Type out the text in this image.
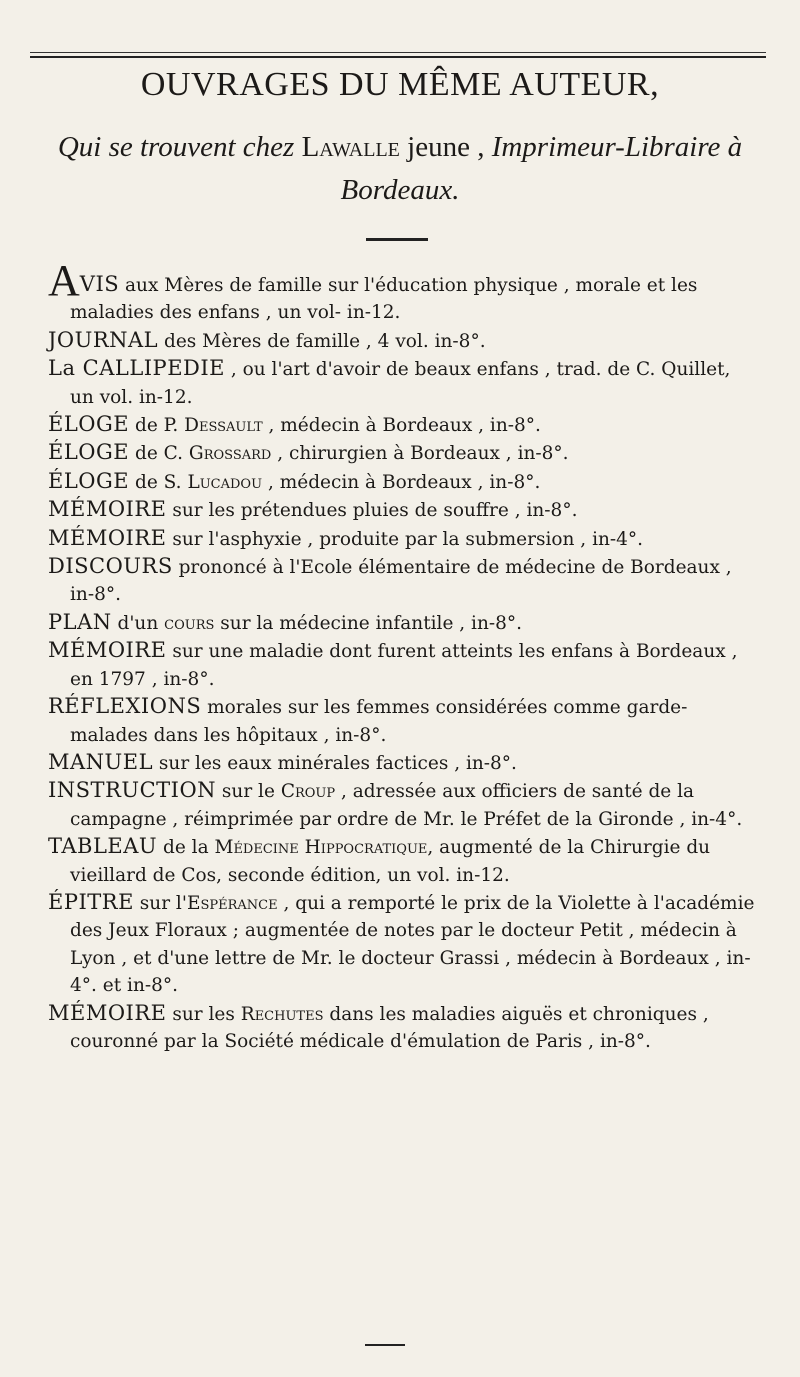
OUVRAGES DU MÊME AUTEUR,
Qui se trouvent chez Lawalle jeune , Imprimeur-Libraire à Bordeaux.

AVIS aux Mères de famille sur l'éducation physique , morale et les maladies des enfans , un vol- in-12.

JOURNAL des Mères de famille , 4 vol. in-8°.

La CALLIPEDIE , ou l'art d'avoir de beaux enfans , trad. de C. Quillet, un vol. in-12.

ÉLOGE de P. Dessault , médecin à Bordeaux , in-8°.

ÉLOGE de C. Grossard , chirurgien à Bordeaux , in-8°.

ÉLOGE de S. Lucadou , médecin à Bordeaux , in-8°.

MÉMOIRE sur les prétendues pluies de souffre , in-8°.

MÉMOIRE sur l'asphyxie , produite par la submersion , in-4°.

DISCOURS prononcé à l'Ecole élémentaire de médecine de Bordeaux , in-8°.

PLAN d'un cours sur la médecine infantile , in-8°.

MÉMOIRE sur une maladie dont furent atteints les enfans à Bordeaux , en 1797 , in-8°.

RÉFLEXIONS morales sur les femmes considérées comme garde-malades dans les hôpitaux , in-8°.

MANUEL sur les eaux minérales factices , in-8°.

INSTRUCTION sur le Croup , adressée aux officiers de santé de la campagne , réimprimée par ordre de Mr. le Préfet de la Gironde , in-4°.

TABLEAU de la Médecine Hippocratique, augmenté de la Chirurgie du vieillard de Cos, seconde édition, un vol. in-12.

ÉPITRE sur l'Espérance , qui a remporté le prix de la Violette à l'académie des Jeux Floraux ; augmentée de notes par le docteur Petit , médecin à Lyon , et d'une lettre de Mr. le docteur Grassi , médecin à Bordeaux , in-4°. et in-8°.

MÉMOIRE sur les Rechutes dans les maladies aiguës et chroniques , couronné par la Société médicale d'émulation de Paris , in-8°.
